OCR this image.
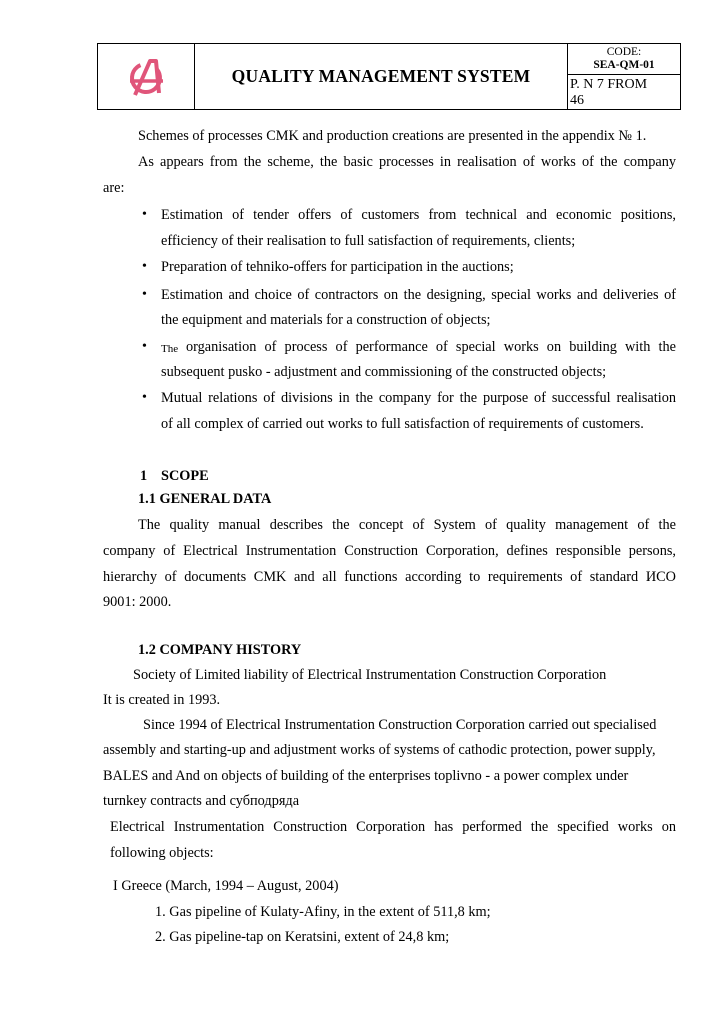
QUALITY MANAGEMENT SYSTEM
CODE:
SEA-QM-01
P. N 7 FROM
46
Schemes of processes CMK and production creations are presented in the appendix № 1.
As appears from the scheme, the basic processes in realisation of works of the company
are:
• Estimation of tender offers of customers from technical and economic positions,
efficiency of their realisation to full satisfaction of requirements, clients;
• Preparation of tehniko-offers for participation in the auctions;
• Estimation and choice of contractors on the designing, special works and deliveries of
the equipment and materials for a construction of objects;
• The organisation of process of performance of special works on building with the
subsequent pusko - adjustment and commissioning of the constructed objects;
• Mutual relations of divisions in the company for the purpose of successful realisation
of all complex of carried out works to full satisfaction of requirements of customers.
1 SCOPE
1.1 GENERAL DATA
The quality manual describes the concept of System of quality management of the
company of Electrical Instrumentation Construction Corporation, defines responsible persons,
hierarchy of documents CMK and all functions according to requirements of standard ИСО
9001: 2000.
1.2 COMPANY HISTORY
Society of Limited liability of Electrical Instrumentation Construction Corporation
It is created in 1993.
Since 1994 of Electrical Instrumentation Construction Corporation carried out specialised
assembly and starting-up and adjustment works of systems of cathodic protection, power supply,
BALES and And on objects of building of the enterprises toplivno - a power complex under
turnkey contracts and субподряда
Electrical Instrumentation Construction Corporation has performed the specified works on
following objects:
I Greece (March, 1994 – August, 2004)
1. Gas pipeline of Kulaty-Afiny, in the extent of 511,8 km;
2. Gas pipeline-tap on Keratsini, extent of 24,8 km;
